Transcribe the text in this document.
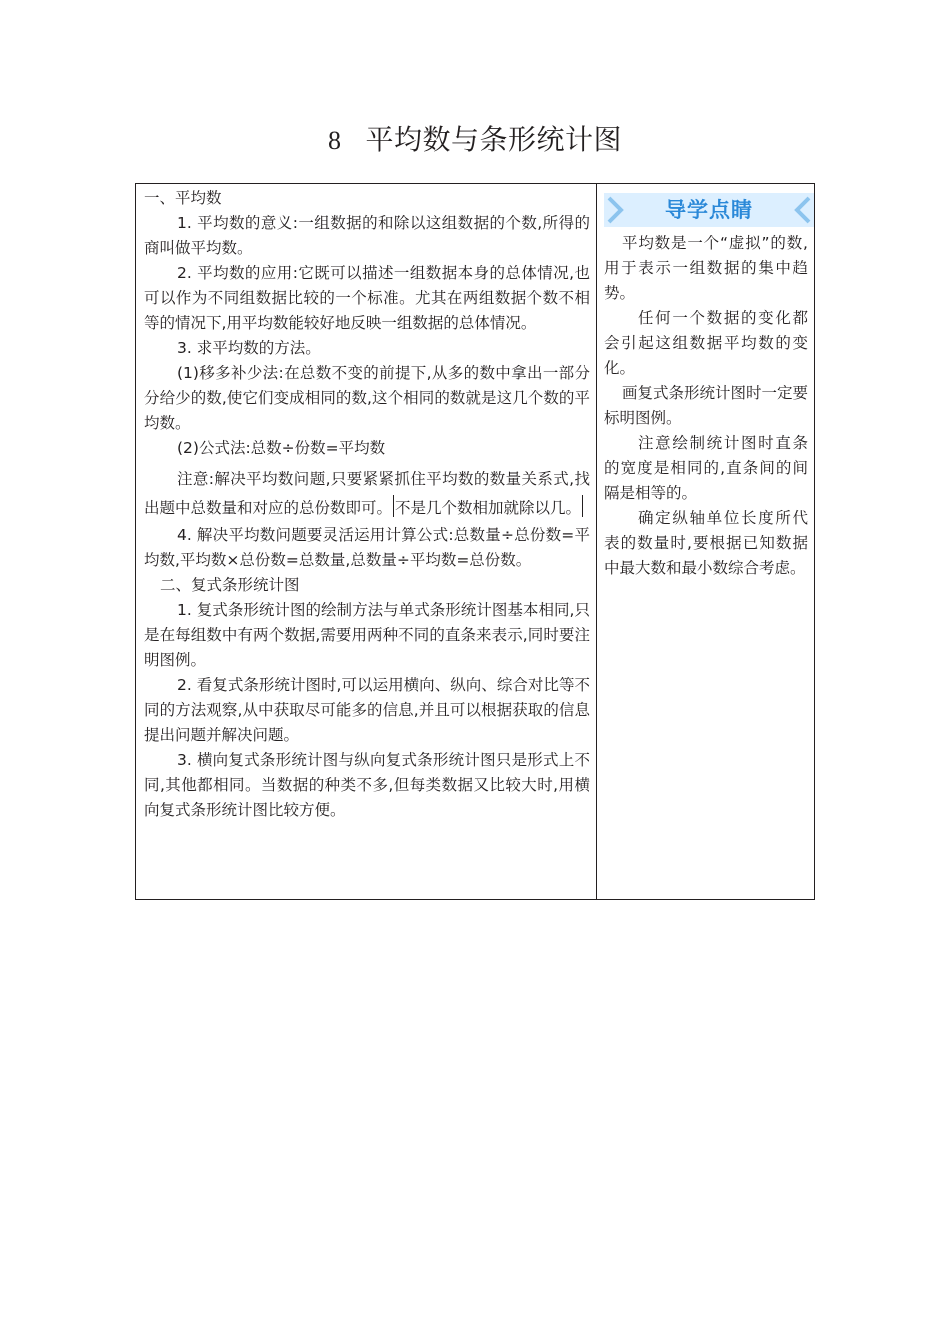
8 平均数与条形统计图

一、平均数

1. 平均数的意义:一组数据的和除以这组数据的个数,所得的商叫做平均数。

2. 平均数的应用:它既可以描述一组数据本身的总体情况,也可以作为不同组数据比较的一个标准。尤其在两组数据个数不相等的情况下,用平均数能较好地反映一组数据的总体情况。

3. 求平均数的方法。

(1)移多补少法:在总数不变的前提下,从多的数中拿出一部分分给少的数,使它们变成相同的数,这个相同的数就是这几个数的平均数。

(2)公式法:总数÷份数=平均数

注意:解决平均数问题,只要紧紧抓住平均数的数量关系式,找出题中总数量和对应的总份数即可。 不是几个数相加就除以几。

4. 解决平均数问题要灵活运用计算公式:总数量÷总份数=平均数,平均数×总份数=总数量,总数量÷平均数=总份数。

二、复式条形统计图

1. 复式条形统计图的绘制方法与单式条形统计图基本相同,只是在每组数中有两个数据,需要用两种不同的直条来表示,同时要注明图例。

2. 看复式条形统计图时,可以运用横向、纵向、综合对比等不同的方法观察,从中获取尽可能多的信息,并且可以根据获取的信息提出问题并解决问题。

3. 横向复式条形统计图与纵向复式条形统计图只是形式上不同,其他都相同。当数据的种类不多,但每类数据又比较大时,用横向复式条形统计图比较方便。

导学点睛

平均数是一个“虚拟”的数,用于表示一组数据的集中趋势。

任何一个数据的变化都会引起这组数据平均数的变化。

画复式条形统计图时一定要标明图例。

注意绘制统计图时直条的宽度是相同的,直条间的间隔是相等的。

确定纵轴单位长度所代表的数量时,要根据已知数据中最大数和最小数综合考虑。
